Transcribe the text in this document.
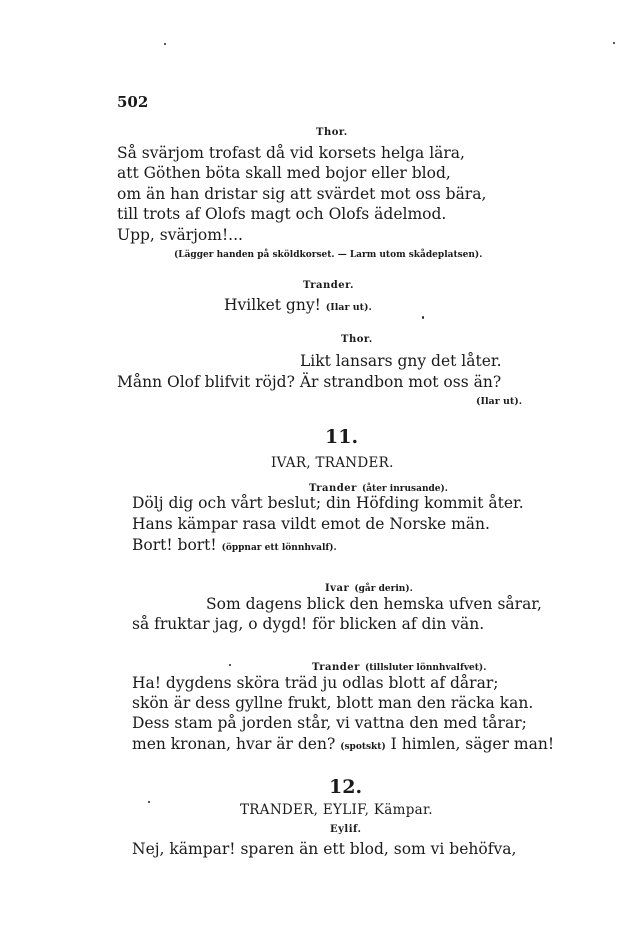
502
Thor.
Så svärjom trofast då vid korsets helga lära,
att Göthen böta skall med bojor eller blod,
om än han dristar sig att svärdet mot oss bära,
till trots af Olofs magt och Olofs ädelmod.
Upp, svärjom!...
(Lägger handen på sköldkorset. — Larm utom skådeplatsen).
Trander.
Hvilket gny! (Ilar ut).
Thor.
Likt lansars gny det låter.
Månn Olof blifvit röjd? Är strandbon mot oss än?
(Ilar ut).
11.
IVAR, TRANDER.
Trander (åter inrusande).
Dölj dig och vårt beslut; din Höfding kommit åter.
Hans kämpar rasa vildt emot de Norske män.
Bort! bort! (öppnar ett lönnhvalf).
Ivar (går derin).
Som dagens blick den hemska ufven sårar,
så fruktar jag, o dygd! för blicken af din vän.
Trander (tillsluter lönnhvalfvet).
Ha! dygdens sköra träd ju odlas blott af dårar;
skön är dess gyllne frukt, blott man den räcka kan.
Dess stam på jorden står, vi vattna den med tårar;
men kronan, hvar är den? (spotskt) I himlen, säger man!
12.
TRANDER, EYLIF, Kämpar.
Eylif.
Nej, kämpar! sparen än ett blod, som vi behöfva,
